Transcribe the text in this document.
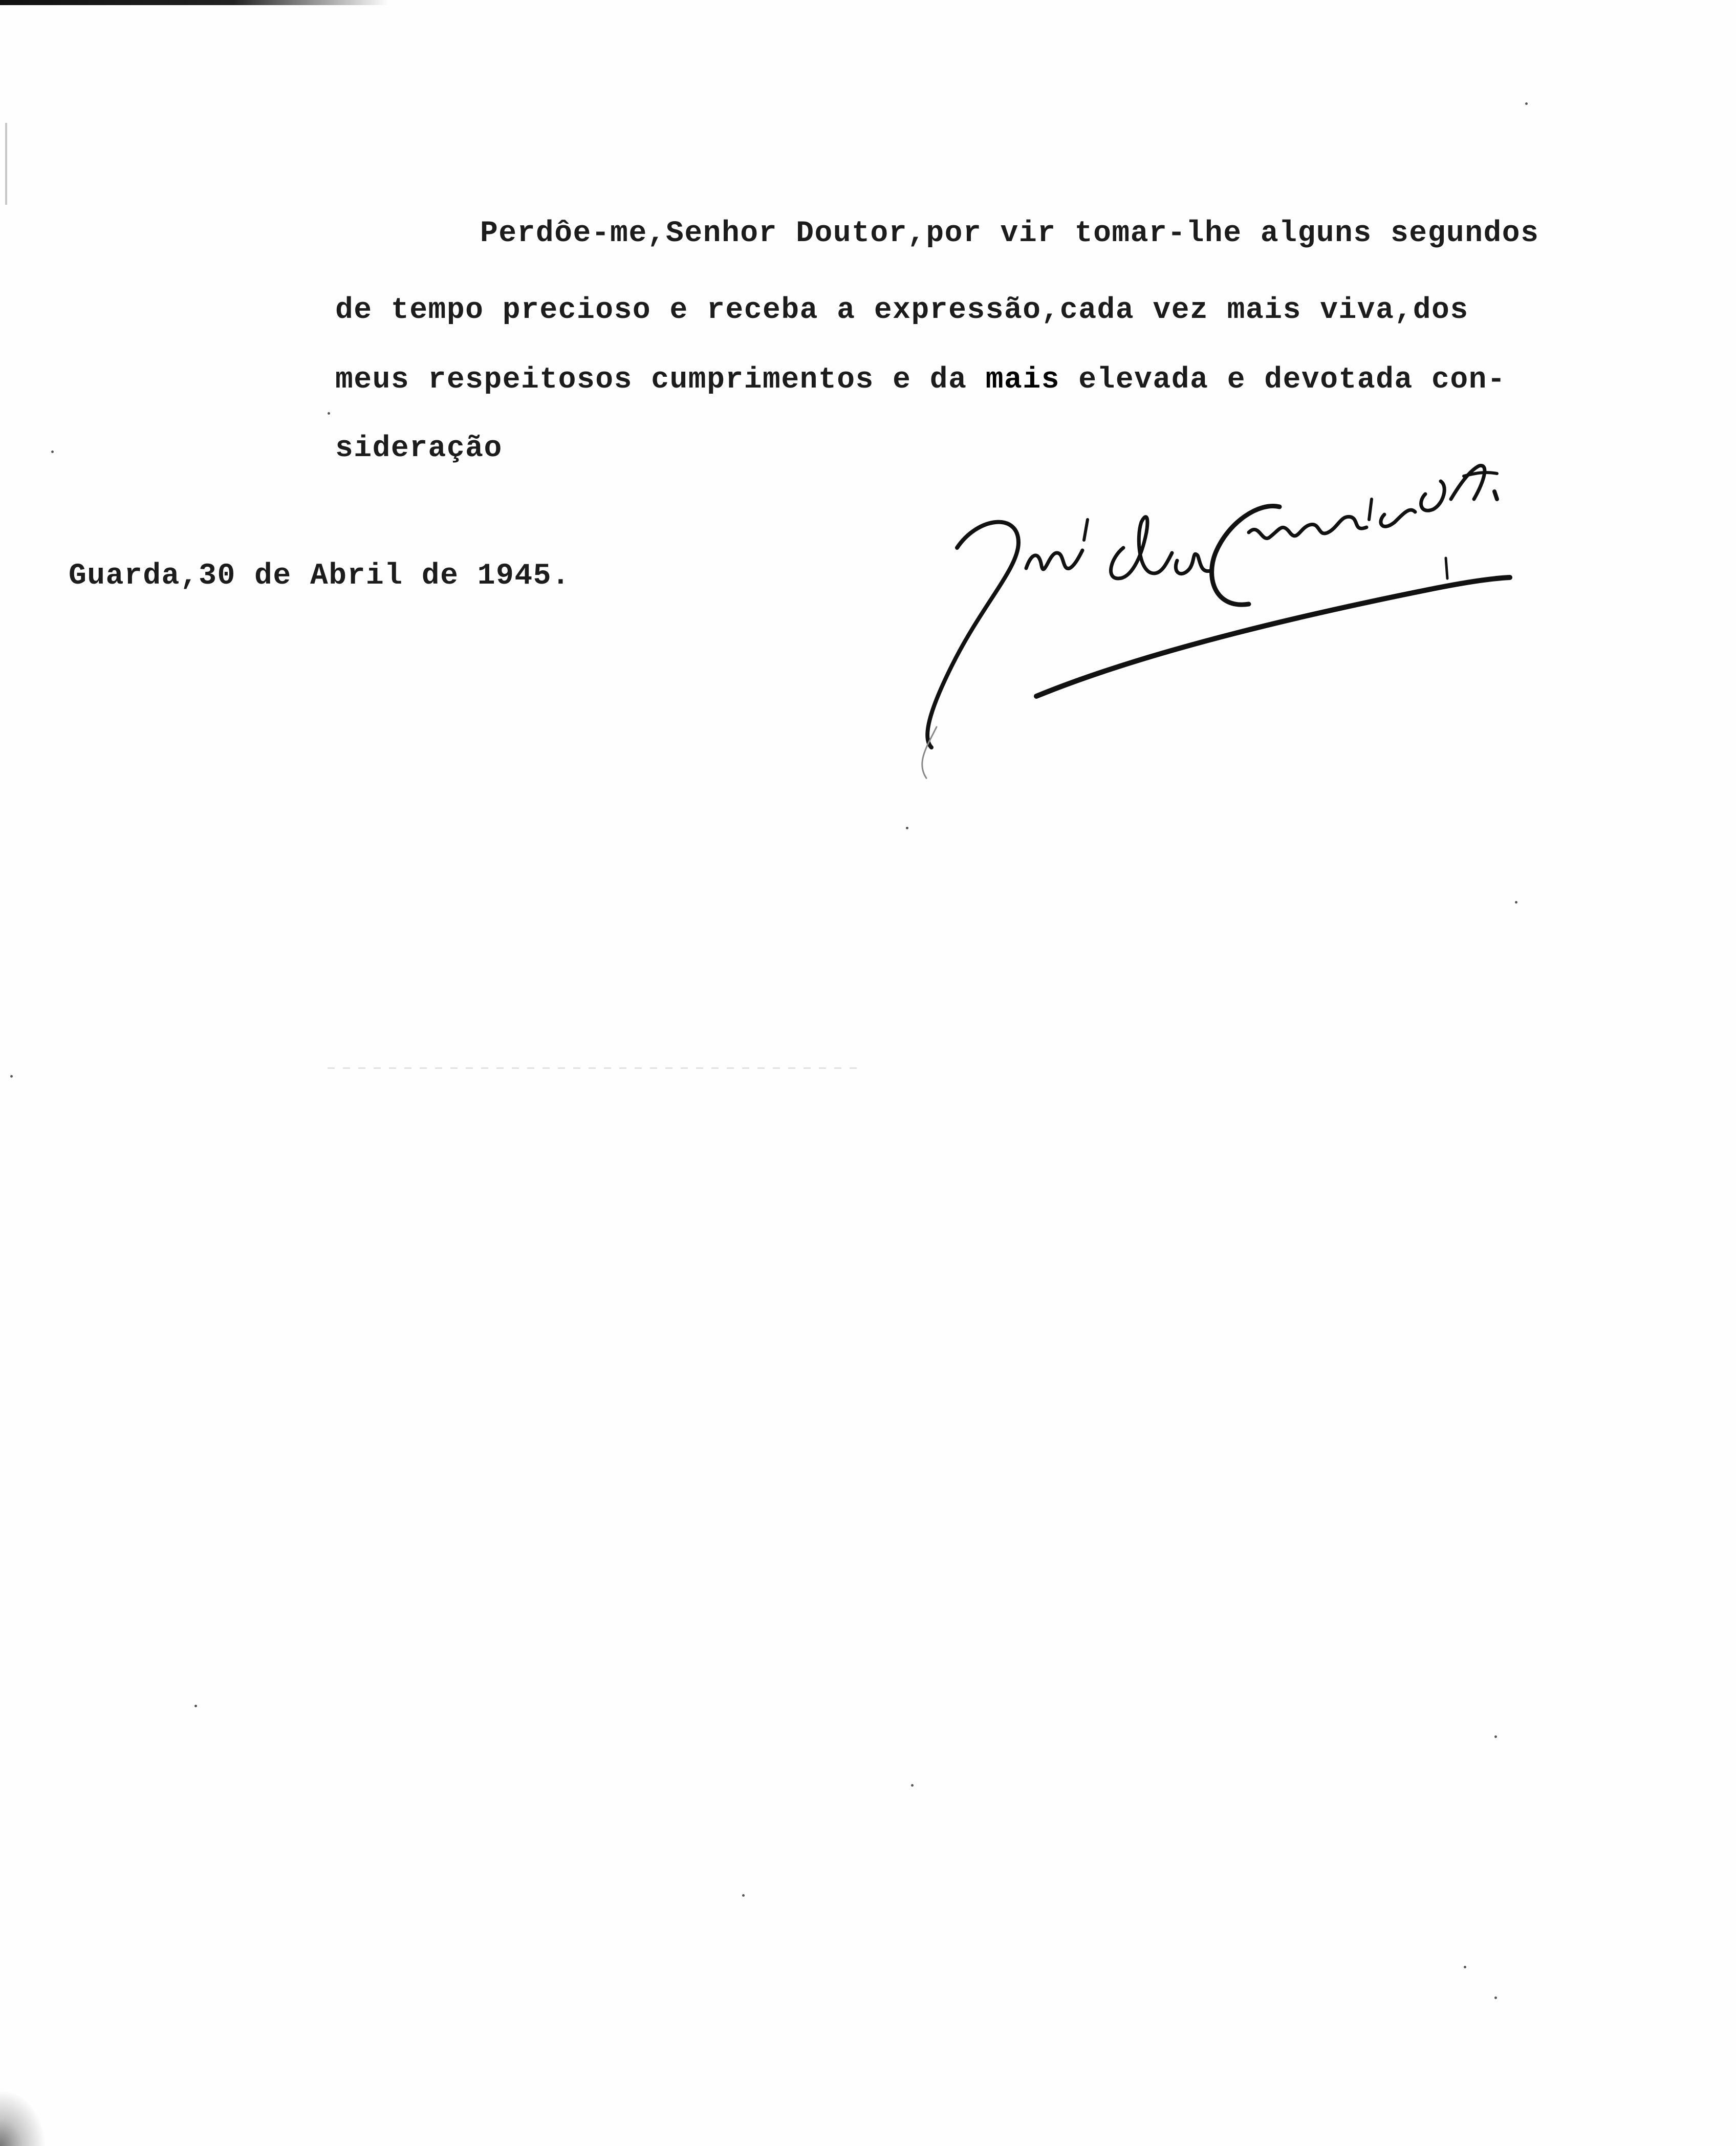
Perdôe-me,Senhor Doutor,por vir tomar-lhe alguns segundos
de tempo precioso e receba a expressão,cada vez mais viva,dos
meus respeitosos cumprimentos e da mais elevada e devotada con-
sideração
Guarda,30 de Abril de 1945.
